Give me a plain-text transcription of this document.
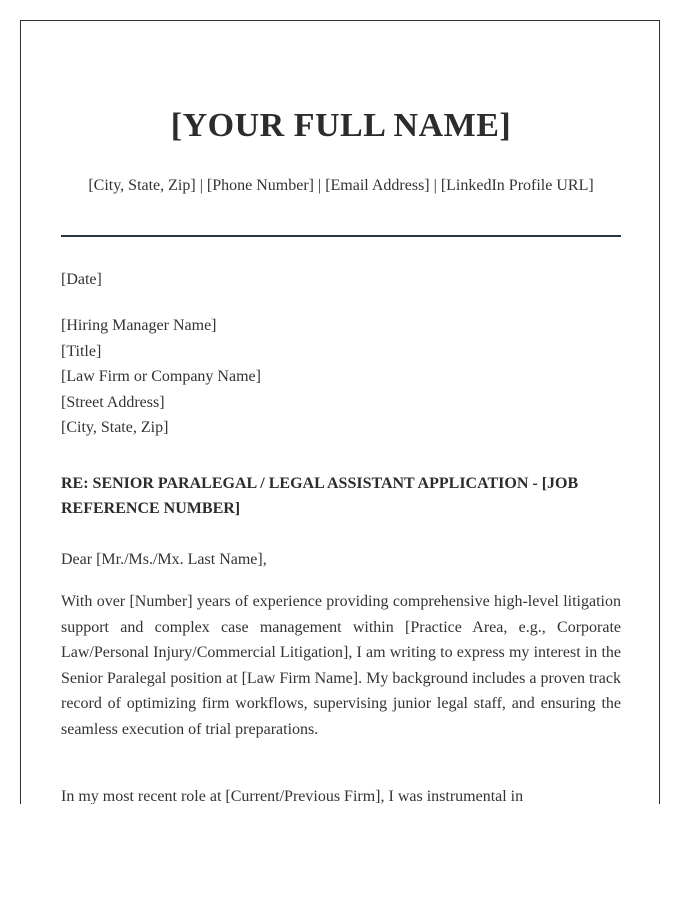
[YOUR FULL NAME]
[City, State, Zip] | [Phone Number] | [Email Address] | [LinkedIn Profile URL]
[Date]
[Hiring Manager Name]
[Title]
[Law Firm or Company Name]
[Street Address]
[City, State, Zip]
RE: SENIOR PARALEGAL / LEGAL ASSISTANT APPLICATION - [JOB REFERENCE NUMBER]
Dear [Mr./Ms./Mx. Last Name],
With over [Number] years of experience providing comprehensive high-level litigation support and complex case management within [Practice Area, e.g., Corporate Law/Personal Injury/Commercial Litigation], I am writing to express my interest in the Senior Paralegal position at [Law Firm Name]. My background includes a proven track record of optimizing firm workflows, supervising junior legal staff, and ensuring the seamless execution of trial preparations.
In my most recent role at [Current/Previous Firm], I was instrumental in
